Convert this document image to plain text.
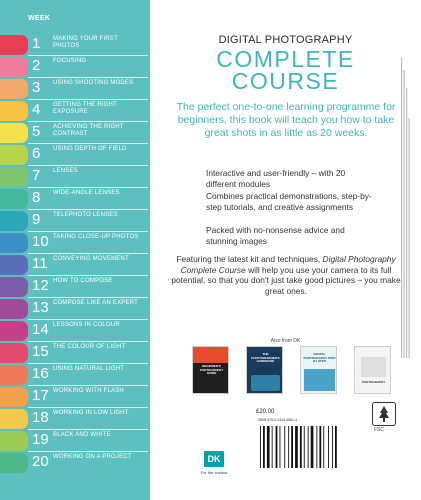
WEEK
1 MAKING YOUR FIRST PHOTOS
2 FOCUSING
3 USING SHOOTING MODES
4 GETTING THE RIGHT EXPOSURE
5 ACHIEVING THE RIGHT CONTRAST
6 USING DEPTH OF FIELD
7 LENSES
8 WIDE-ANGLE LENSES
9 TELEPHOTO LENSES
10 TAKING CLOSE-UP PHOTOS
11 CONVEYING MOVEMENT
12 HOW TO COMPOSE
13 COMPOSE LIKE AN EXPERT
14 LESSONS IN COLOUR
15 THE COLOUR OF LIGHT
16 USING NATURAL LIGHT
17 WORKING WITH FLASH
18 WORKING IN LOW LIGHT
19 BLACK AND WHITE
20 WORKING ON A PROJECT
DIGITAL PHOTOGRAPHY
COMPLETE
COURSE
The perfect one-to-one learning programme for beginners, this book will teach you how to take great shots in as little as 20 weeks.
Interactive and user-friendly – with 20 different modules
Combines practical demonstrations, step-by-step tutorials, and creative assignments
Packed with no-nonsense advice and stunning images
Featuring the latest kit and techniques, Digital Photography Complete Course will help you use your camera to its full potential, so that you don't just take good pictures – you make great ones.
Also from DK
BEGINNER'S PHOTOGRAPHY GUIDE
THE PHOTOGRAPHER'S HANDBOOK
DIGITAL PHOTOGRAPHY STEP BY STEP
PHOTOGRAPHY
£20.00
FSC
ISBN 978-0-2414-4661-4
DK
For the curious
